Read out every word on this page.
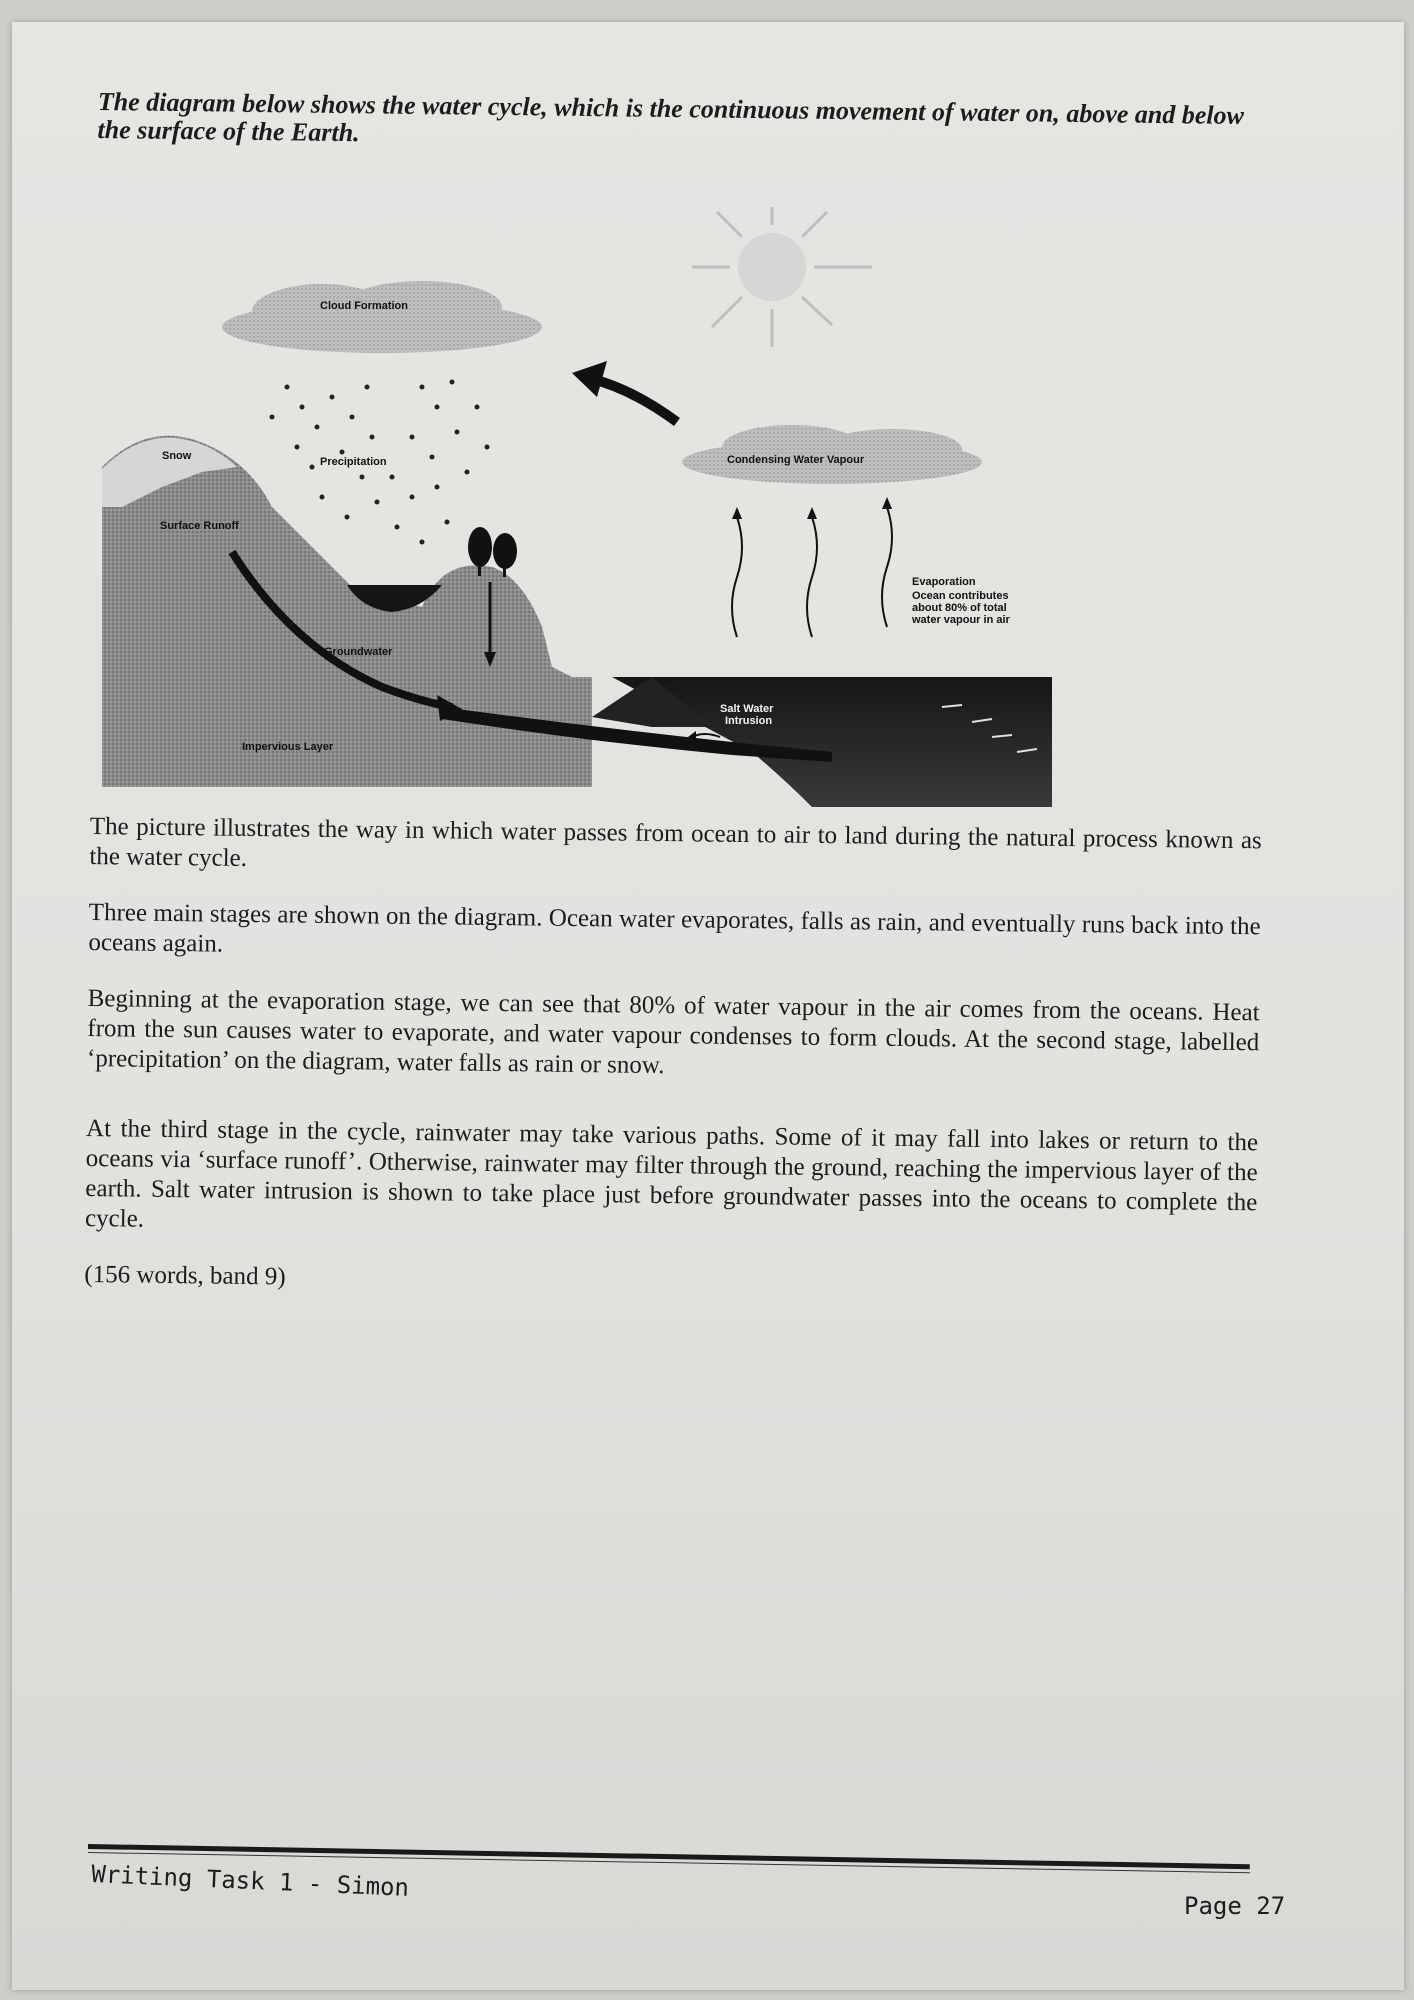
The diagram below shows the water cycle, which is the continuous movement of water on, above and below the surface of the Earth.
Cloud Formation
Condensing Water Vapour
Snow	Precipitation
Surface Runoff
Groundwater
Impervious Layer
Salt Water
Intrusion
Evaporation
Ocean contributes
about 80% of total
water vapour in air

The picture illustrates the way in which water passes from ocean to air to land during the natural process known as the water cycle.

Three main stages are shown on the diagram. Ocean water evaporates, falls as rain, and eventually runs back into the oceans again.

Beginning at the evaporation stage, we can see that 80% of water vapour in the air comes from the oceans. Heat from the sun causes water to evaporate, and water vapour condenses to form clouds. At the second stage, labelled ‘precipitation’ on the diagram, water falls as rain or snow.

At the third stage in the cycle, rainwater may take various paths. Some of it may fall into lakes or return to the oceans via ‘surface runoff’. Otherwise, rainwater may filter through the ground, reaching the impervious layer of the earth. Salt water intrusion is shown to take place just before groundwater passes into the oceans to complete the cycle.

(156 words, band 9)

Writing Task 1 - Simon
Page 27
